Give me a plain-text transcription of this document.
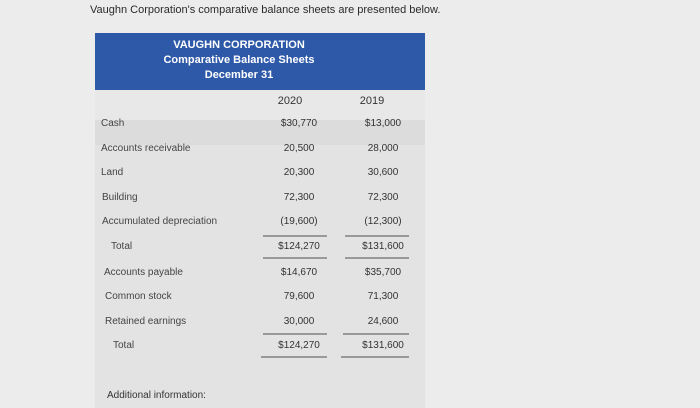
Vaughn Corporation's comparative balance sheets are presented below.
VAUGHN CORPORATION
Comparative Balance Sheets
December 31
2020	2019
Cash	$30,770	$13,000
Accounts receivable	20,500	28,000
Land	20,300	30,600
Building	72,300	72,300
Accumulated depreciation	(19,600)	(12,300)
Total	$124,270	$131,600
Accounts payable	$14,670	$35,700
Common stock	79,600	71,300
Retained earnings	30,000	24,600
Total	$124,270	$131,600
Additional information:
